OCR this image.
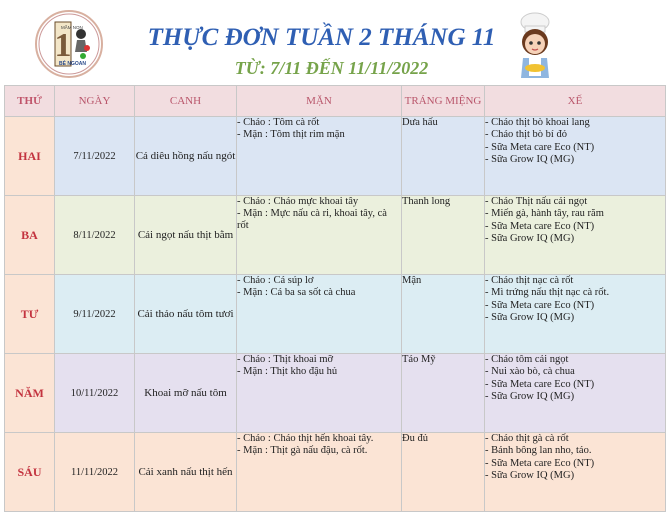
1
MẦM NON
BÉ NGOAN
THỰC ĐƠN TUẦN 2 THÁNG 11
TỪ: 7/11 ĐẾN 11/11/2022
THỨ	NGÀY	CANH	MẶN	TRÁNG MIỆNG	XẾ
HAI	7/11/2022	Cá diêu hồng nấu ngót	- Cháo : Tôm cà rốt
- Mặn : Tôm thịt rim mặn	Dưa hấu	- Cháo thịt bò khoai lang
- Cháo thịt bò bí đỏ
- Sữa Meta care Eco (NT)
- Sữa Grow IQ (MG)

BA	8/11/2022	Cải ngọt nấu thịt bằm	- Cháo : Cháo mực khoai tây
- Mặn : Mực nấu cà ri, khoai tây, cà rốt	Thanh long	- Cháo Thịt nấu cải ngọt
- Miến gà, hành tây, rau răm
- Sữa Meta care Eco (NT)
- Sữa Grow IQ (MG)

TƯ	9/11/2022	Cải thảo nấu tôm tươi	- Cháo : Cá súp lơ
- Mặn : Cá ba sa sốt cà chua	Mận	- Cháo thịt nạc cà rốt
- Mì trứng nấu thịt nạc cà rốt.
- Sữa Meta care Eco (NT)
- Sữa Grow IQ (MG)

NĂM	10/11/2022	Khoai mỡ nấu tôm	- Cháo : Thịt khoai mỡ
- Mặn : Thịt kho đậu hủ	Táo Mỹ	- Cháo tôm cải ngọt
- Nui xào bò, cà chua
- Sữa Meta care Eco (NT)
- Sữa Grow IQ (MG)

SÁU	11/11/2022	Cải xanh nấu thịt hến	- Cháo : Cháo thịt hến khoai tây.
- Mặn : Thịt gà nấu đậu, cà rốt.	Đu đủ	- Cháo thịt gà cà rốt
- Bánh bông lan nho, táo.
- Sữa Meta care Eco (NT)
- Sữa Grow IQ (MG)
